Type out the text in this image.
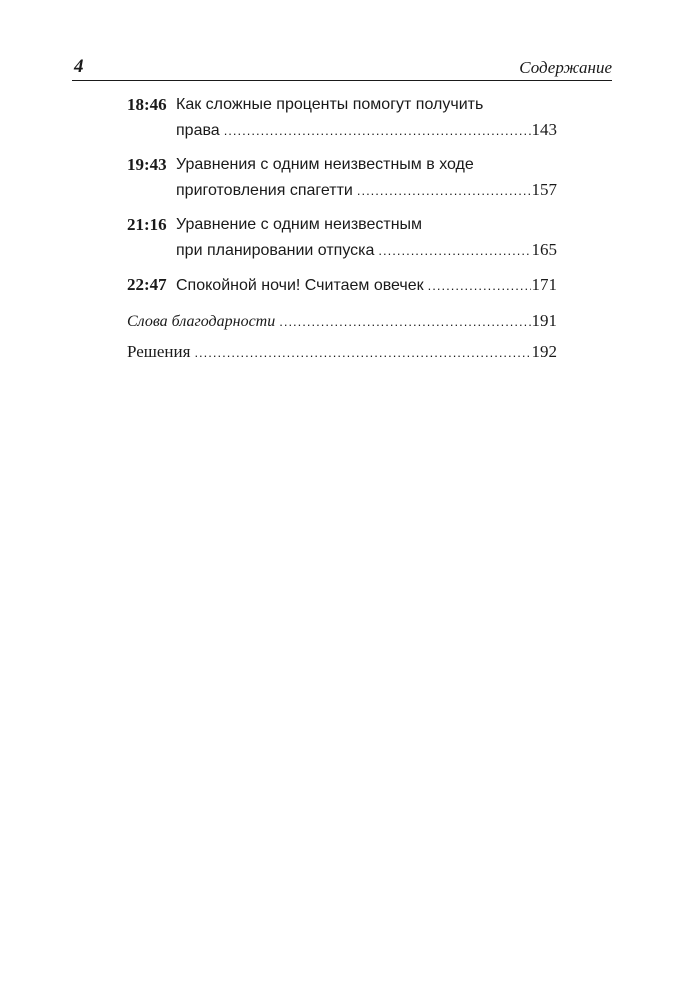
4	Содержание
18:46 Как сложные проценты помогут получить
права .....	143
19:43 Уравнения с одним неизвестным в ходе
приготовления спагетти .....	157
21:16 Уравнение с одним неизвестным
при планировании отпуска .....	165
22:47 Спокойной ночи! Считаем овечек .....	171
Слова благодарности .....	191
Решения .....	192
